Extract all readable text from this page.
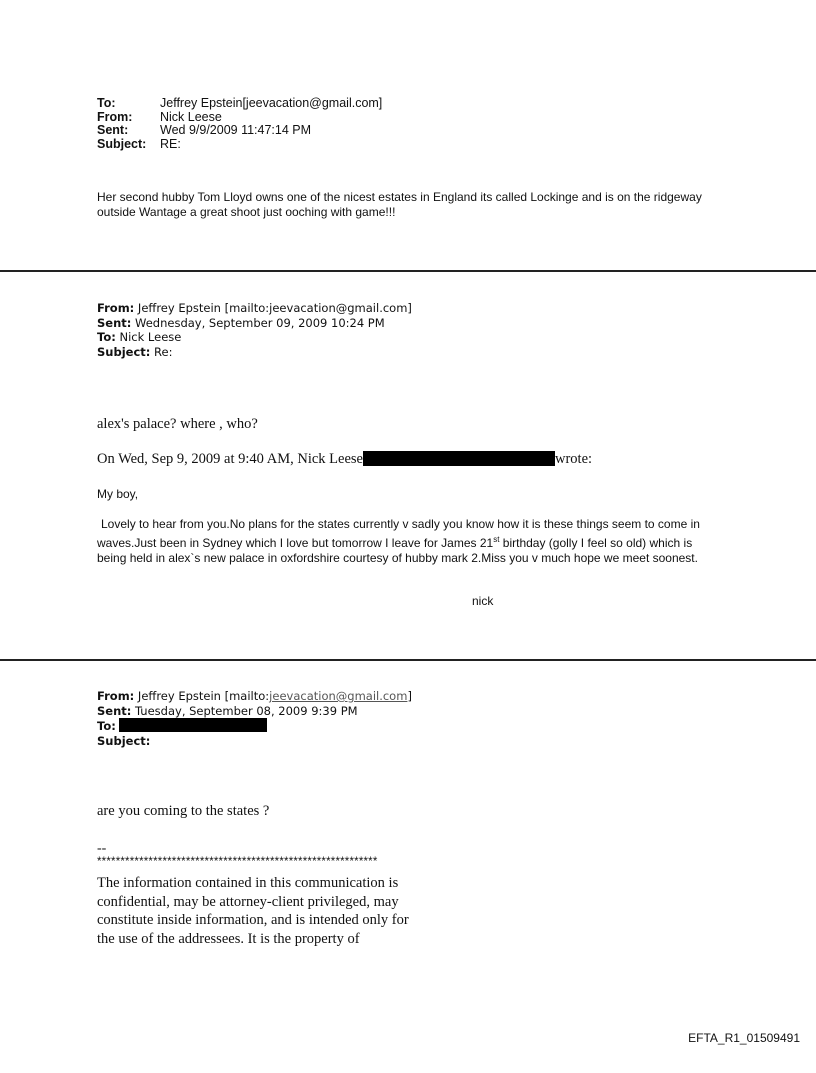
To:	Jeffrey Epstein[jeevacation@gmail.com]
From:	Nick Leese
Sent:	Wed 9/9/2009 11:47:14 PM
Subject:	RE:
Her second hubby Tom Lloyd owns one of the nicest estates in England its called Lockinge and is on the ridgeway outside Wantage a great shoot just ooching with game!!!
From: Jeffrey Epstein [mailto:jeevacation@gmail.com]
Sent: Wednesday, September 09, 2009 10:24 PM
To: Nick Leese
Subject: Re:
alex's palace? where , who?
On Wed, Sep 9, 2009 at 9:40 AM, Nick Leese	wrote:
My boy,
Lovely to hear from you.No plans for the states currently v sadly you know how it is these things seem to come in waves.Just been in Sydney which I love but tomorrow I leave for James 21st birthday (golly I feel so old) which is being held in alex`s new palace in oxfordshire courtesy of hubby mark 2.Miss you v much hope we meet soonest.
nick
From: Jeffrey Epstein [mailto:jeevacation@gmail.com]
Sent: Tuesday, September 08, 2009 9:39 PM
To:
Subject:
are you coming to the states ?
--
************************************************************
The information contained in this communication is
confidential, may be attorney-client privileged, may
constitute inside information, and is intended only for
the use of the addressees. It is the property of
EFTA_R1_01509491
